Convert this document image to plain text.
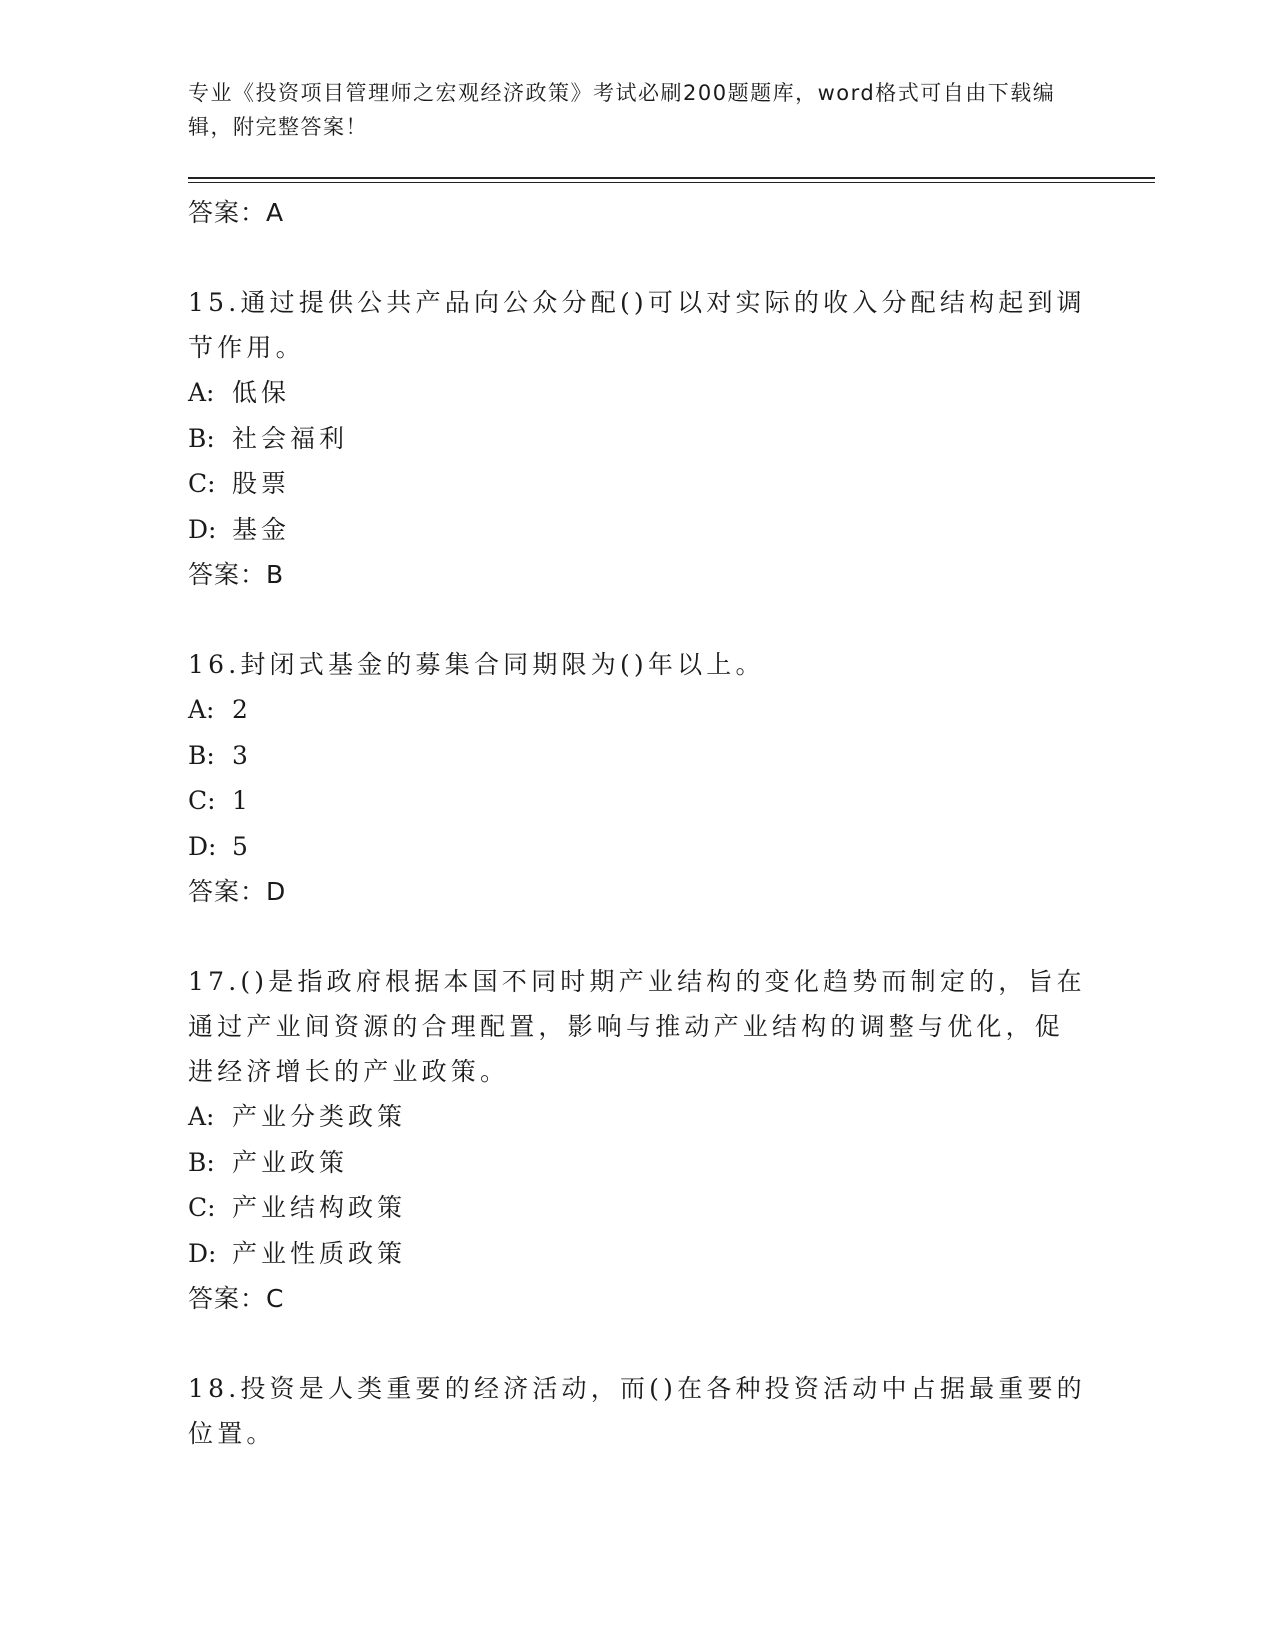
专业《投资项目管理师之宏观经济政策》考试必刷200题题库，word格式可自由下载编辑，附完整答案！
答案：A

15.通过提供公共产品向公众分配()可以对实际的收入分配结构起到调节作用。

A: 低保
B: 社会福利
C: 股票
D: 基金
答案：B

16.封闭式基金的募集合同期限为()年以上。

A: 2
B: 3
C: 1
D: 5
答案：D

17.()是指政府根据本国不同时期产业结构的变化趋势而制定的，旨在通过产业间资源的合理配置，影响与推动产业结构的调整与优化，促进经济增长的产业政策。

A: 产业分类政策
B: 产业政策
C: 产业结构政策
D: 产业性质政策
答案：C

18.投资是人类重要的经济活动，而()在各种投资活动中占据最重要的位置。
